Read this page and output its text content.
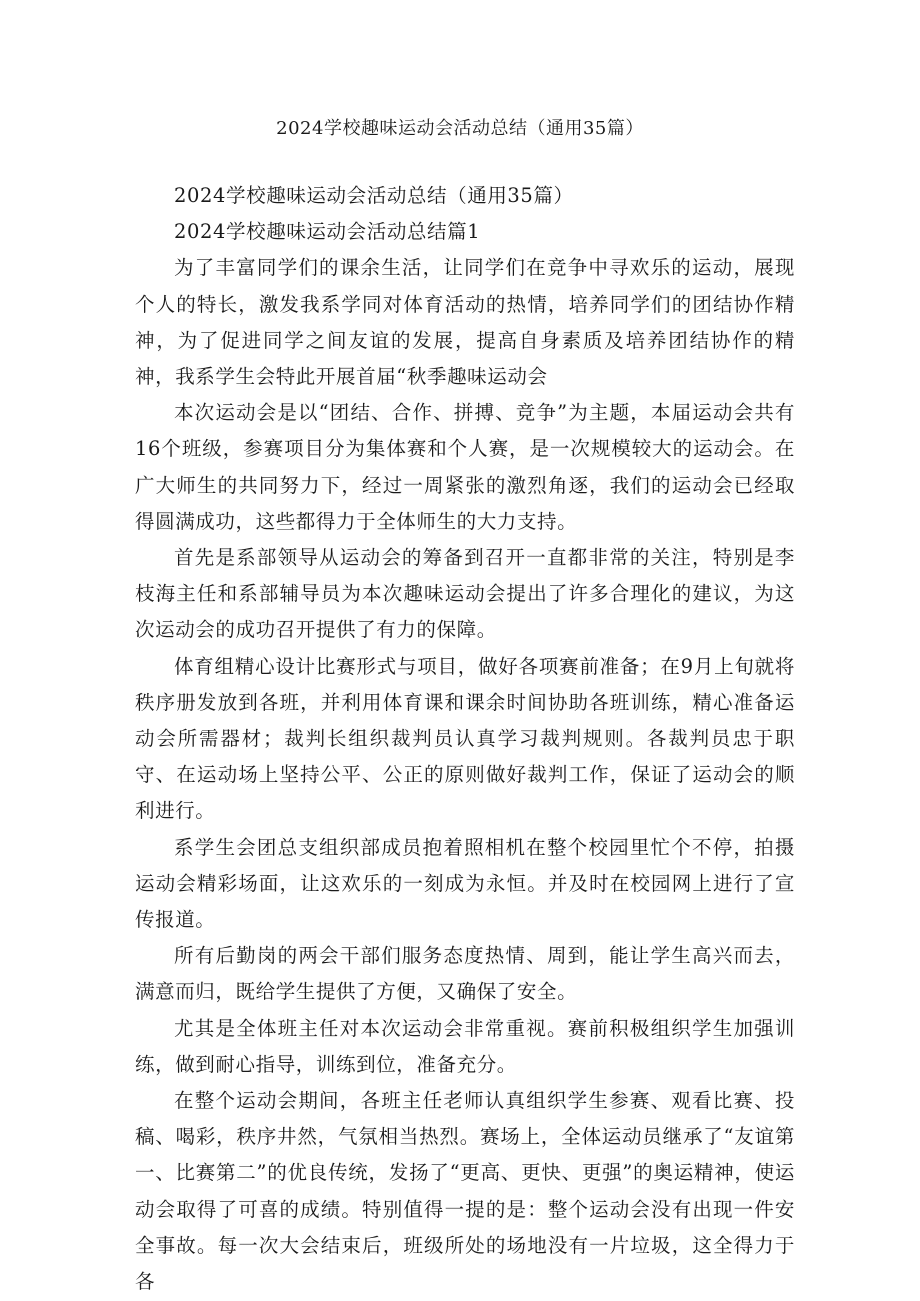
2024学校趣味运动会活动总结（通用35篇）

2024学校趣味运动会活动总结（通用35篇）

2024学校趣味运动会活动总结篇1

为了丰富同学们的课余生活，让同学们在竞争中寻欢乐的运动，展现个人的特长，激发我系学同对体育活动的热情，培养同学们的团结协作精神，为了促进同学之间友谊的发展，提高自身素质及培养团结协作的精神，我系学生会特此开展首届“秋季趣味运动会

本次运动会是以“团结、合作、拼搏、竞争”为主题，本届运动会共有16个班级，参赛项目分为集体赛和个人赛，是一次规模较大的运动会。在广大师生的共同努力下，经过一周紧张的激烈角逐，我们的运动会已经取得圆满成功，这些都得力于全体师生的大力支持。

首先是系部领导从运动会的筹备到召开一直都非常的关注，特别是李枝海主任和系部辅导员为本次趣味运动会提出了许多合理化的建议，为这次运动会的成功召开提供了有力的保障。

体育组精心设计比赛形式与项目，做好各项赛前准备；在9月上旬就将秩序册发放到各班，并利用体育课和课余时间协助各班训练，精心准备运动会所需器材；裁判长组织裁判员认真学习裁判规则。各裁判员忠于职守、在运动场上坚持公平、公正的原则做好裁判工作，保证了运动会的顺利进行。

系学生会团总支组织部成员抱着照相机在整个校园里忙个不停，拍摄运动会精彩场面，让这欢乐的一刻成为永恒。并及时在校园网上进行了宣传报道。

所有后勤岗的两会干部们服务态度热情、周到，能让学生高兴而去，满意而归，既给学生提供了方便，又确保了安全。

尤其是全体班主任对本次运动会非常重视。赛前积极组织学生加强训练，做到耐心指导，训练到位，准备充分。

在整个运动会期间，各班主任老师认真组织学生参赛、观看比赛、投稿、喝彩，秩序井然，气氛相当热烈。赛场上，全体运动员继承了“友谊第一、比赛第二”的优良传统，发扬了“更高、更快、更强”的奥运精神，使运动会取得了可喜的成绩。特别值得一提的是：整个运动会没有出现一件安全事故。每一次大会结束后，班级所处的场地没有一片垃圾，这全得力于各
